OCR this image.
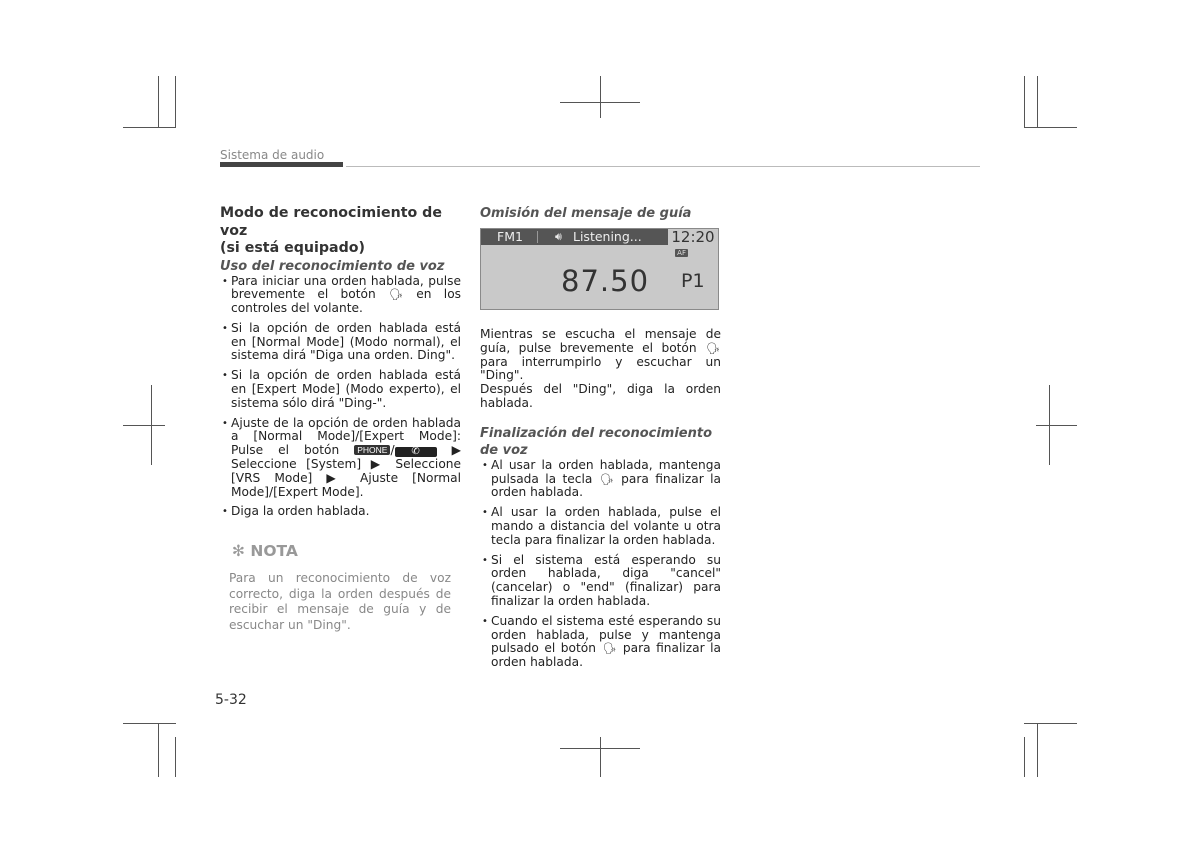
Sistema de audio
Modo de reconocimiento de voz
(si está equipado)
Uso del reconocimiento de voz
• Para iniciar una orden hablada, pulse brevemente el botón 🗣︎ en los controles del volante.
• Si la opción de orden hablada está en [Normal Mode] (Modo normal), el sistema dirá "Diga una orden. Ding".
• Si la opción de orden hablada está en [Expert Mode] (Modo experto), el sistema sólo dirá "Ding-".
• Ajuste de la opción de orden hablada a [Normal Mode]/[Expert Mode]: Pulse el botón PHONE / ✆︎ ▶ Seleccione [System] ▶ Seleccione [VRS Mode] ▶ Ajuste [Normal Mode]/[Expert Mode].
• Diga la orden hablada.
✻ NOTA
Para un reconocimiento de voz correcto, diga la orden después de recibir el mensaje de guía y de escuchar un "Ding".
Omisión del mensaje de guía
FM1	🔊︎ Listening... 12:20
AF
87.50 P1

Mientras se escucha el mensaje de guía, pulse brevemente el botón 🗣︎ para interrumpirlo y escuchar un "Ding".

Después del "Ding", diga la orden hablada.

Finalización del reconocimiento de voz
• Al usar la orden hablada, mantenga pulsada la tecla 🗣︎ para finalizar la orden hablada.
• Al usar la orden hablada, pulse el mando a distancia del volante u otra tecla para finalizar la orden hablada.
• Si el sistema está esperando su orden hablada, diga "cancel" (cancelar) o "end" (finalizar) para finalizar la orden hablada.
• Cuando el sistema esté esperando su orden hablada, pulse y mantenga pulsado el botón 🗣︎ para finalizar la orden hablada.
5-32
